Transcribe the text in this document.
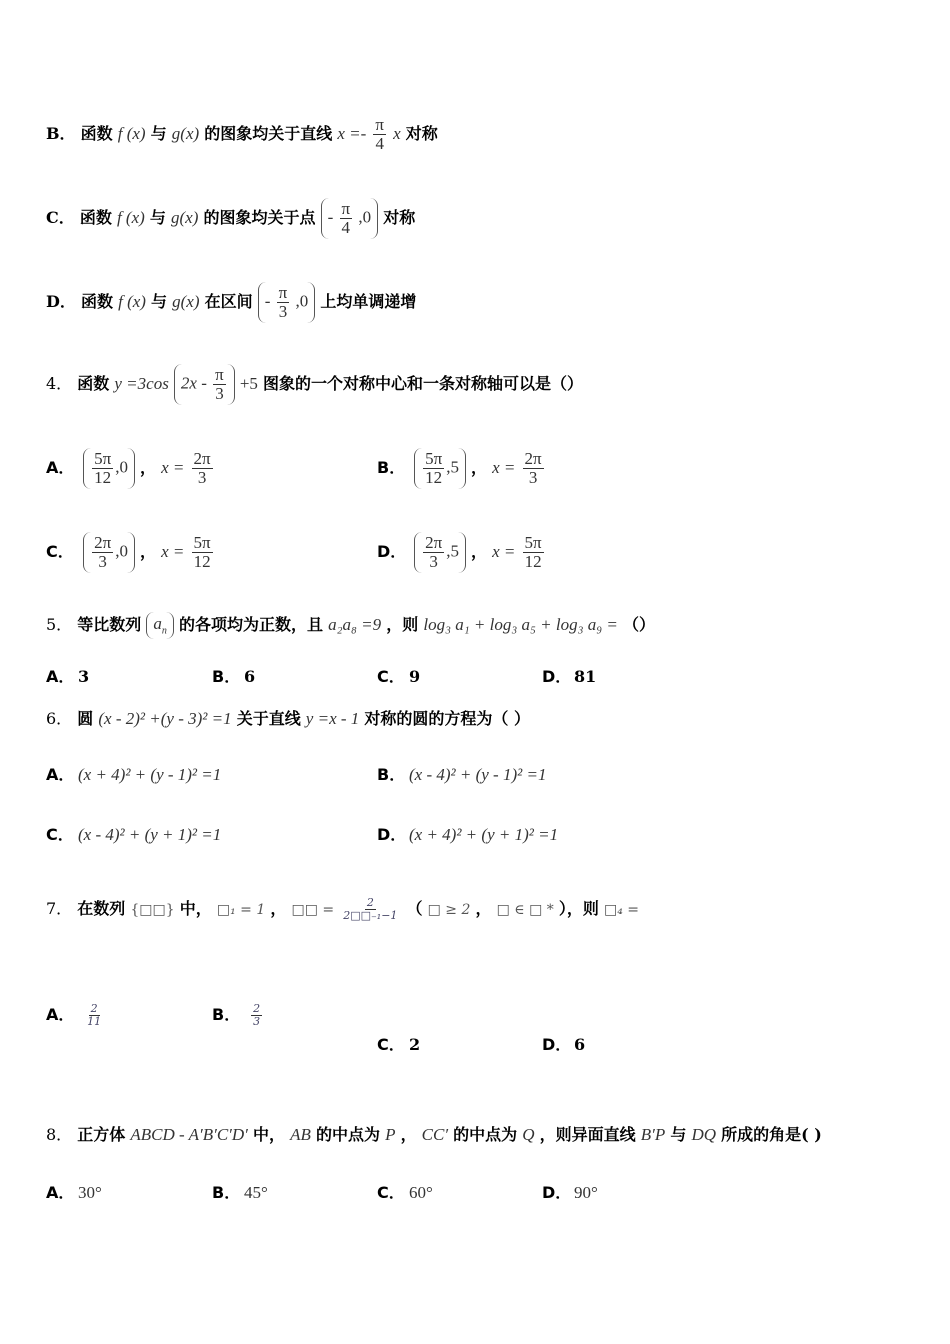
B． 函数 f (x) 与 g(x) 的图象均关于直线 $x =- \frac{\pi}{4}$ x 对称
C． 函数 f (x) 与 g(x) 的图象均关于点 - $\frac{\pi}{4} ,0$ 对称
D． 函数 f (x) 与 g(x) 在区间 - $\frac{\pi}{3} ,0$ 上均单调递增
4． 函数 y =3cos $2x - \frac{\pi}{3} +5$ 图象的一个对称中心和一条对称轴可以是（）
A． $\frac{5\pi}{12} ,0$ ， $x = \frac{2\pi}{3}$	B． $\frac{5\pi}{12} ,5$ ， $x = \frac{2\pi}{3}$
C． $\frac{2\pi}{3} ,0$ ， $x = \frac{5\pi}{12}$	D． $\frac{2\pi}{3} ,5$ ， $x = \frac{5\pi}{12}$
5． 等比数列 $a_n$ 的各项均为正数，且 a₂a₈ =9 ，则 log₃ a₁ + log₃ a₅ + log₃ a₉ = （）
A． 3	B． 6	C． 9	D． 81
6． 圆 (x - 2)² +(y - 3)² =1 关于直线 y =x - 1 对称的圆的方程为（ ）
A． (x + 4)² + (y - 1)² =1	B． (x - 4)² + (y - 1)² =1
C． (x - 4)² + (y + 1)² =1	D． (x + 4)² + (y + 1)² =1
7． 在数列 {□□} 中， □₁ = 1 ， □□ = $\frac{2}{\text{2□□₋₁−1}}$ （ □ ≥ 2 ， □ ∈ □ * ），则 □₄ =
A． $\frac{2}{11}$	B． $\frac{2}{3}$
C． 2	D． 6
8． 正方体 ABCD - A′B′C′D′ 中， AB 的中点为 P ， CC′ 的中点为 Q ，则异面直线 B′P 与 DQ 所成的角是( )
A． 30°	B． 45°	C． 60°	D． 90°
